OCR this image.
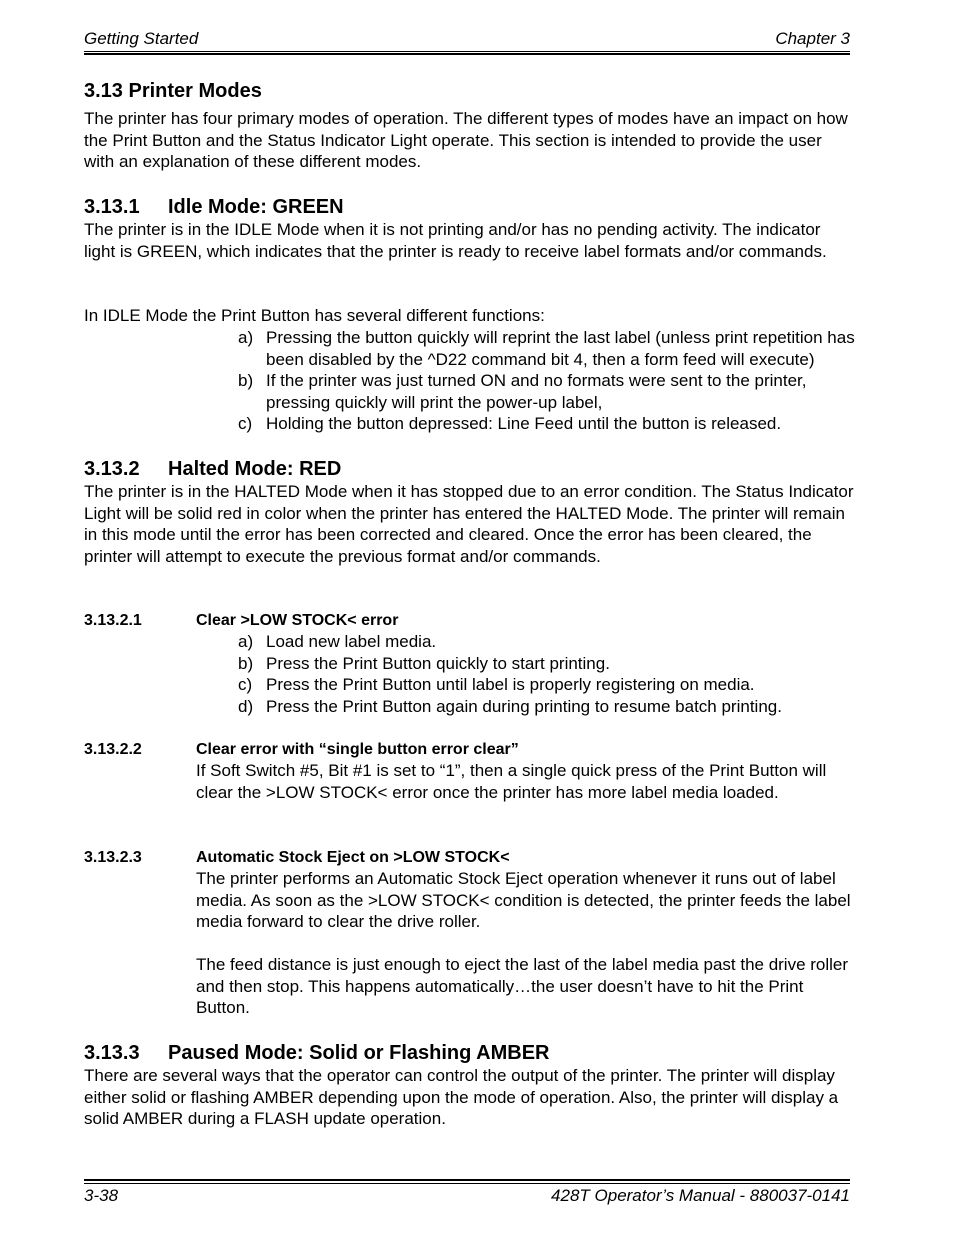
Getting Started	Chapter 3
3.13 Printer Modes
The printer has four primary modes of operation. The different types of modes have an impact on how the Print Button and the Status Indicator Light operate. This section is intended to provide the user with an explanation of these different modes.
3.13.1 Idle Mode: GREEN
The printer is in the IDLE Mode when it is not printing and/or has no pending activity. The indicator light is GREEN, which indicates that the printer is ready to receive label formats and/or commands.
In IDLE Mode the Print Button has several different functions:
a) Pressing the button quickly will reprint the last label (unless print repetition has been disabled by the ^D22 command bit 4, then a form feed will execute)
b) If the printer was just turned ON and no formats were sent to the printer, pressing quickly will print the power-up label,
c) Holding the button depressed: Line Feed until the button is released.
3.13.2 Halted Mode: RED
The printer is in the HALTED Mode when it has stopped due to an error condition. The Status Indicator Light will be solid red in color when the printer has entered the HALTED Mode. The printer will remain in this mode until the error has been corrected and cleared. Once the error has been cleared, the printer will attempt to execute the previous format and/or commands.
3.13.2.1	Clear >LOW STOCK< error
a) Load new label media.
b) Press the Print Button quickly to start printing.
c) Press the Print Button until label is properly registering on media.
d) Press the Print Button again during printing to resume batch printing.
3.13.2.2	Clear error with “single button error clear”
If Soft Switch #5, Bit #1 is set to “1”, then a single quick press of the Print Button will clear the >LOW STOCK< error once the printer has more label media loaded.
3.13.2.3	Automatic Stock Eject on >LOW STOCK<
The printer performs an Automatic Stock Eject operation whenever it runs out of label media. As soon as the >LOW STOCK< condition is detected, the printer feeds the label media forward to clear the drive roller.
The feed distance is just enough to eject the last of the label media past the drive roller and then stop. This happens automatically…the user doesn’t have to hit the Print Button.
3.13.3 Paused Mode: Solid or Flashing AMBER
There are several ways that the operator can control the output of the printer. The printer will display either solid or flashing AMBER depending upon the mode of operation. Also, the printer will display a solid AMBER during a FLASH update operation.
3-38	428T Operator’s Manual - 880037-0141
